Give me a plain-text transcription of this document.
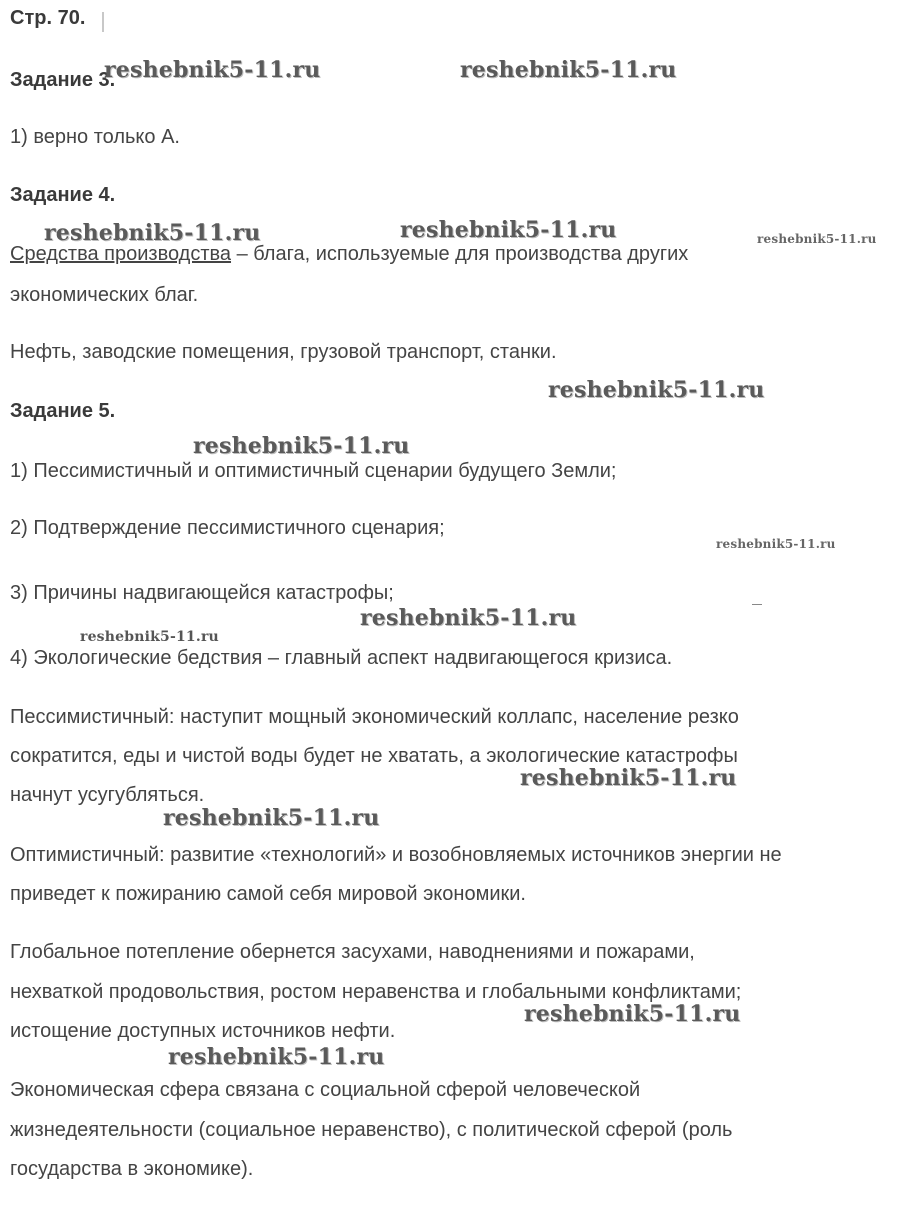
Стр. 70.

Задание 3.

1) верно только А.

Задание 4.

Средства производства – блага, используемые для производства других

экономических благ.

Нефть, заводские помещения, грузовой транспорт, станки.

Задание 5.

1) Пессимистичный и оптимистичный сценарии будущего Земли;

2) Подтверждение пессимистичного сценария;

3) Причины надвигающейся катастрофы;

4) Экологические бедствия – главный аспект надвигающегося кризиса.

Пессимистичный: наступит мощный экономический коллапс, население резко

сократится, еды и чистой воды будет не хватать, а экологические катастрофы

начнут усугубляться.

Оптимистичный: развитие «технологий» и возобновляемых источников энергии не

приведет к пожиранию самой себя мировой экономики.

Глобальное потепление обернется засухами, наводнениями и пожарами,

нехваткой продовольствия, ростом неравенства и глобальными конфликтами;

истощение доступных источников нефти.

Экономическая сфера связана с социальной сферой человеческой

жизнедеятельности (социальное неравенство), с политической сферой (роль

государства в экономике).

reshebnik5-11.ru	reshebnik5-11.ru

reshebnik5-11.ru	reshebnik5-11.ru	reshebnik5-11.ru

reshebnik5-11.ru

reshebnik5-11.ru

reshebnik5-11.ru

reshebnik5-11.ru

reshebnik5-11.ru

reshebnik5-11.ru

reshebnik5-11.ru

reshebnik5-11.ru

reshebnik5-11.ru
